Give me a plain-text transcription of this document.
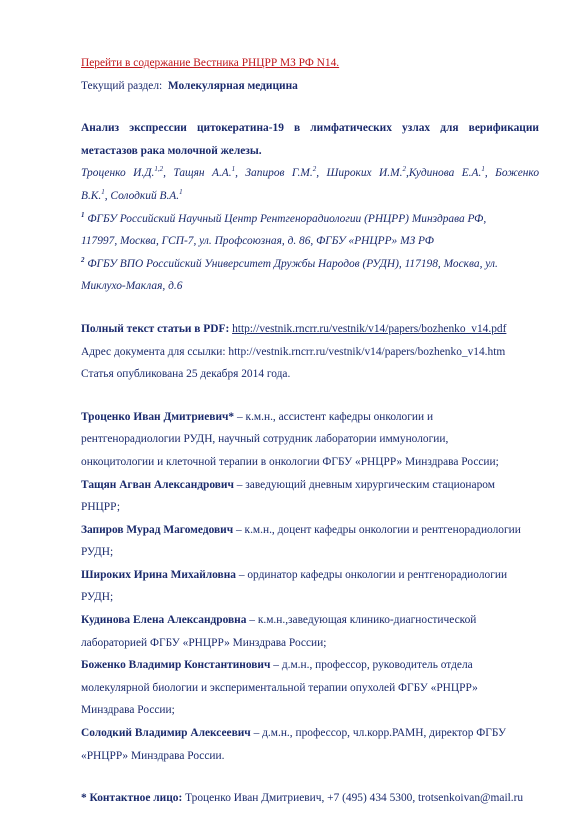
Перейти в содержание Вестника РНЦРР МЗ РФ N14.
Текущий раздел: Молекулярная медицина
Анализ экспрессии цитокератина-19 в лимфатических узлах для верификации
метастазов рака молочной железы.
Троценко И.Д.$^{1,2}$, Тащян А.А.$^1$, Запиров Г.М.$^2$, Широких И.М.$^2$,Кудинова Е.А.$^1$, Боженко
В.К.$^1$, Солодкий В.А.$^1$
$^1$ ФГБУ Российский Научный Центр Рентгенорадиологии (РНЦРР) Минздрава РФ,
117997, Москва, ГСП-7, ул. Профсоюзная, д. 86, ФГБУ «РНЦРР» МЗ РФ
$^2$ ФГБУ ВПО Российский Университет Дружбы Народов (РУДН), 117198, Москва, ул.
Миклухо-Маклая, д.6
Полный текст статьи в PDF: http://vestnik.rncrr.ru/vestnik/v14/papers/bozhenko_v14.pdf
Адрес документа для ссылки: http://vestnik.rncrr.ru/vestnik/v14/papers/bozhenko_v14.htm
Статья опубликована 25 декабря 2014 года.
Троценко Иван Дмитриевич* – к.м.н., ассистент кафедры онкологии и
рентгенорадиологии РУДН, научный сотрудник лаборатории иммунологии,
онкоцитологии и клеточной терапии в онкологии ФГБУ «РНЦРР» Минздрава России;
Тащян Агван Александрович – заведующий дневным хирургическим стационаром
РНЦРР;
Запиров Мурад Магомедович – к.м.н., доцент кафедры онкологии и рентгенорадиологии
РУДН;
Широких Ирина Михайловна – ординатор кафедры онкологии и рентгенорадиологии
РУДН;
Кудинова Елена Александровна – к.м.н.,заведующая клинико-диагностической
лабораторией ФГБУ «РНЦРР» Минздрава России;
Боженко Владимир Константинович – д.м.н., профессор, руководитель отдела
молекулярной биологии и экспериментальной терапии опухолей ФГБУ «РНЦРР»
Минздрава России;
Солодкий Владимир Алексеевич – д.м.н., профессор, чл.корр.РАМН, директор ФГБУ
«РНЦРР» Минздрава России.
* Контактное лицо: Троценко Иван Дмитриевич, +7 (495) 434 5300, trotsenkoivan@mail.ru
